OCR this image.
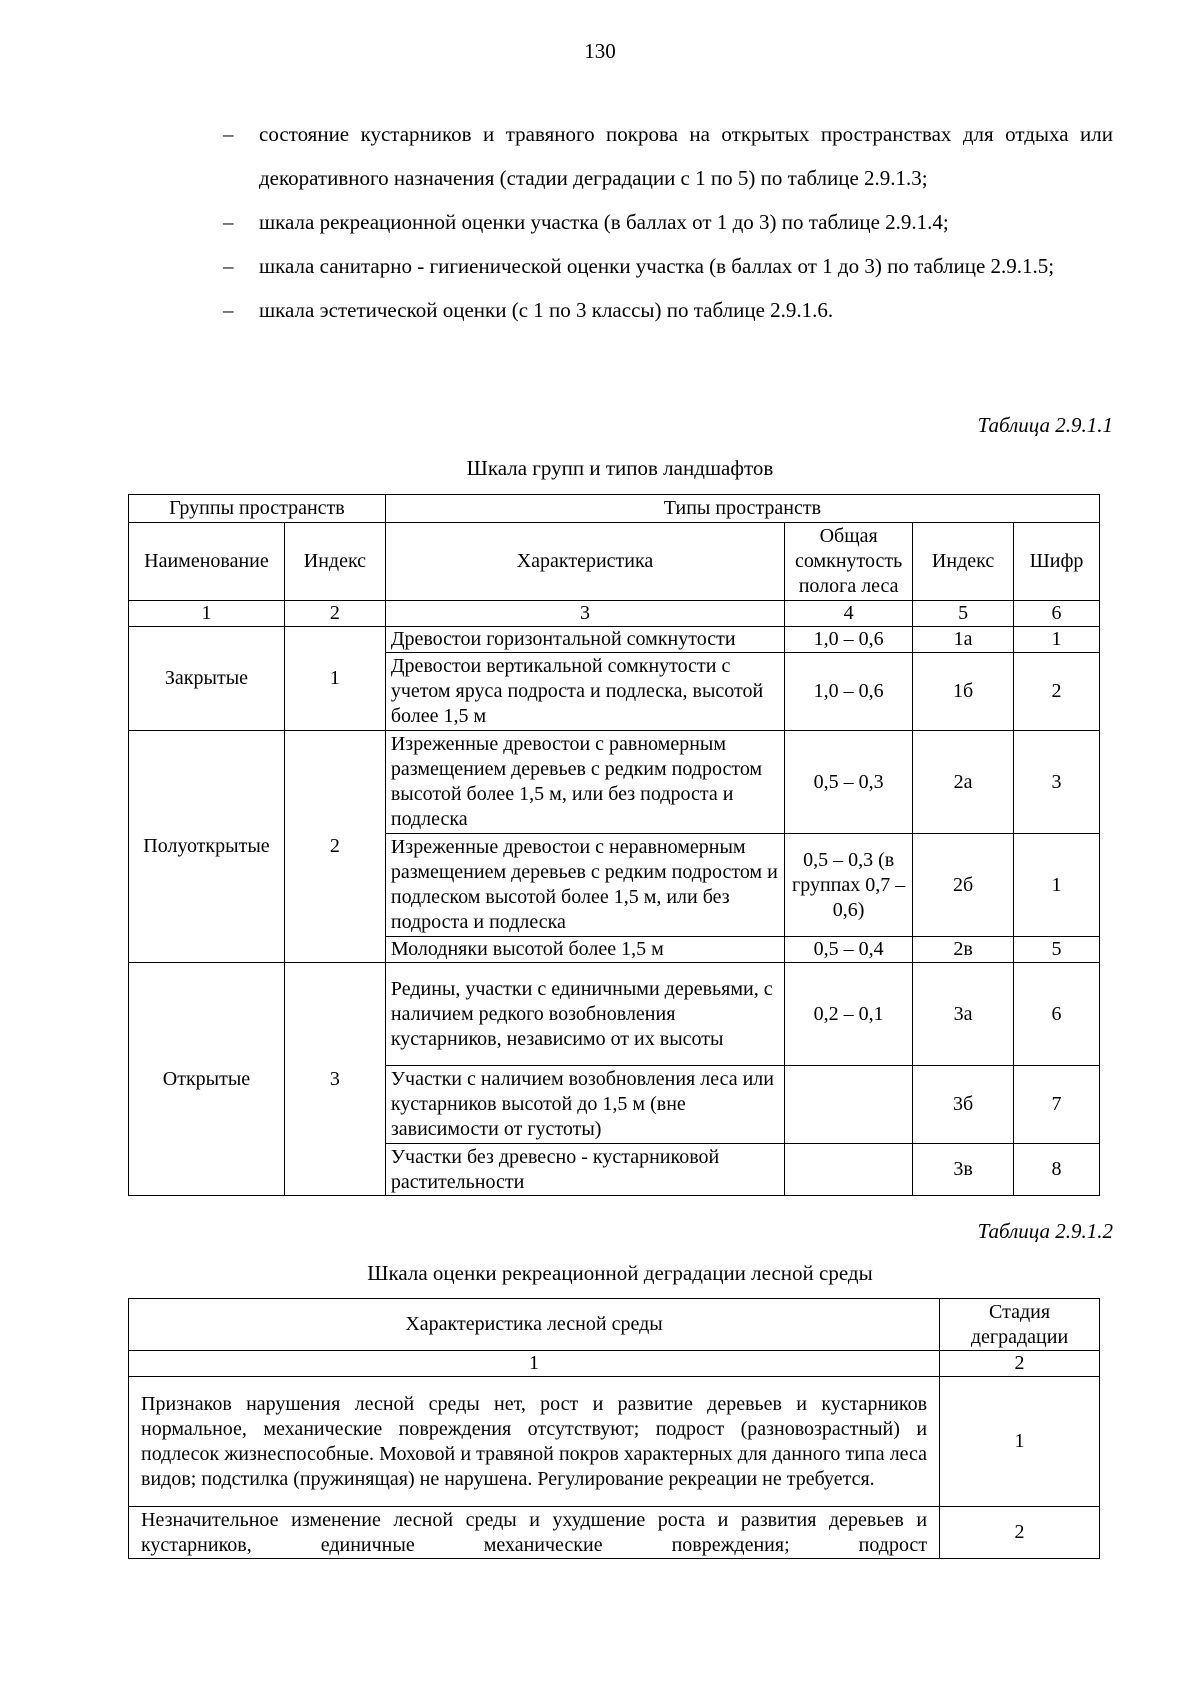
130
– состояние кустарников и травяного покрова на открытых пространствах для отдыха или декоративного назначения (стадии деградации с 1 по 5) по таблице 2.9.1.3;
– шкала рекреационной оценки участка (в баллах от 1 до 3) по таблице 2.9.1.4;
– шкала санитарно - гигиенической оценки участка (в баллах от 1 до 3) по таблице 2.9.1.5;
– шкала эстетической оценки (с 1 по 3 классы) по таблице 2.9.1.6.
Таблица 2.9.1.1
Шкала групп и типов ландшафтов
Группы пространств		Типы пространств			
Наименование	Индекс	Характеристика	Общая сомкнутость полога леса	Индекс	Шифр
1	2	3	4	5	6
Закрытые	1	Древостои горизонтальной сомкнутости	1,0 – 0,6	1а	1
		Древостои вертикальной сомкнутости с учетом яруса подроста и подлеска, высотой более 1,5 м	1,0 – 0,6	1б	2
Полуоткрытые	2	Изреженные древостои с равномерным размещением деревьев с редким подростом высотой более 1,5 м, или без подроста и подлеска	0,5 – 0,3	2а	3
		Изреженные древостои с неравномерным размещением деревьев с редким подростом и подлеском высотой более 1,5 м, или без подроста и подлеска	0,5 – 0,3 (в группах 0,7 – 0,6)	2б	1
		Молодняки высотой более 1,5 м	0,5 – 0,4	2в	5
Открытые	3	Редины, участки с единичными деревьями, с наличием редкого возобновления кустарников, независимо от их высоты	0,2 – 0,1	3а	6
		Участки с наличием возобновления леса или кустарников высотой до 1,5 м (вне зависимости от густоты)		3б	7
		Участки без древесно - кустарниковой растительности		3в	8
Таблица 2.9.1.2
Шкала оценки рекреационной деградации лесной среды
Характеристика лесной среды	Стадия деградации
1	2
Признаков нарушения лесной среды нет, рост и развитие деревьев и кустарников нормальное, механические повреждения отсутствуют; подрост (разновозрастный) и подлесок жизнеспособные. Моховой и травяной покров характерных для данного типа леса видов; подстилка (пружинящая) не нарушена. Регулирование рекреации не требуется.	1
Незначительное изменение лесной среды и ухудшение роста и развития деревьев и кустарников, единичные механические повреждения; подрост	2
